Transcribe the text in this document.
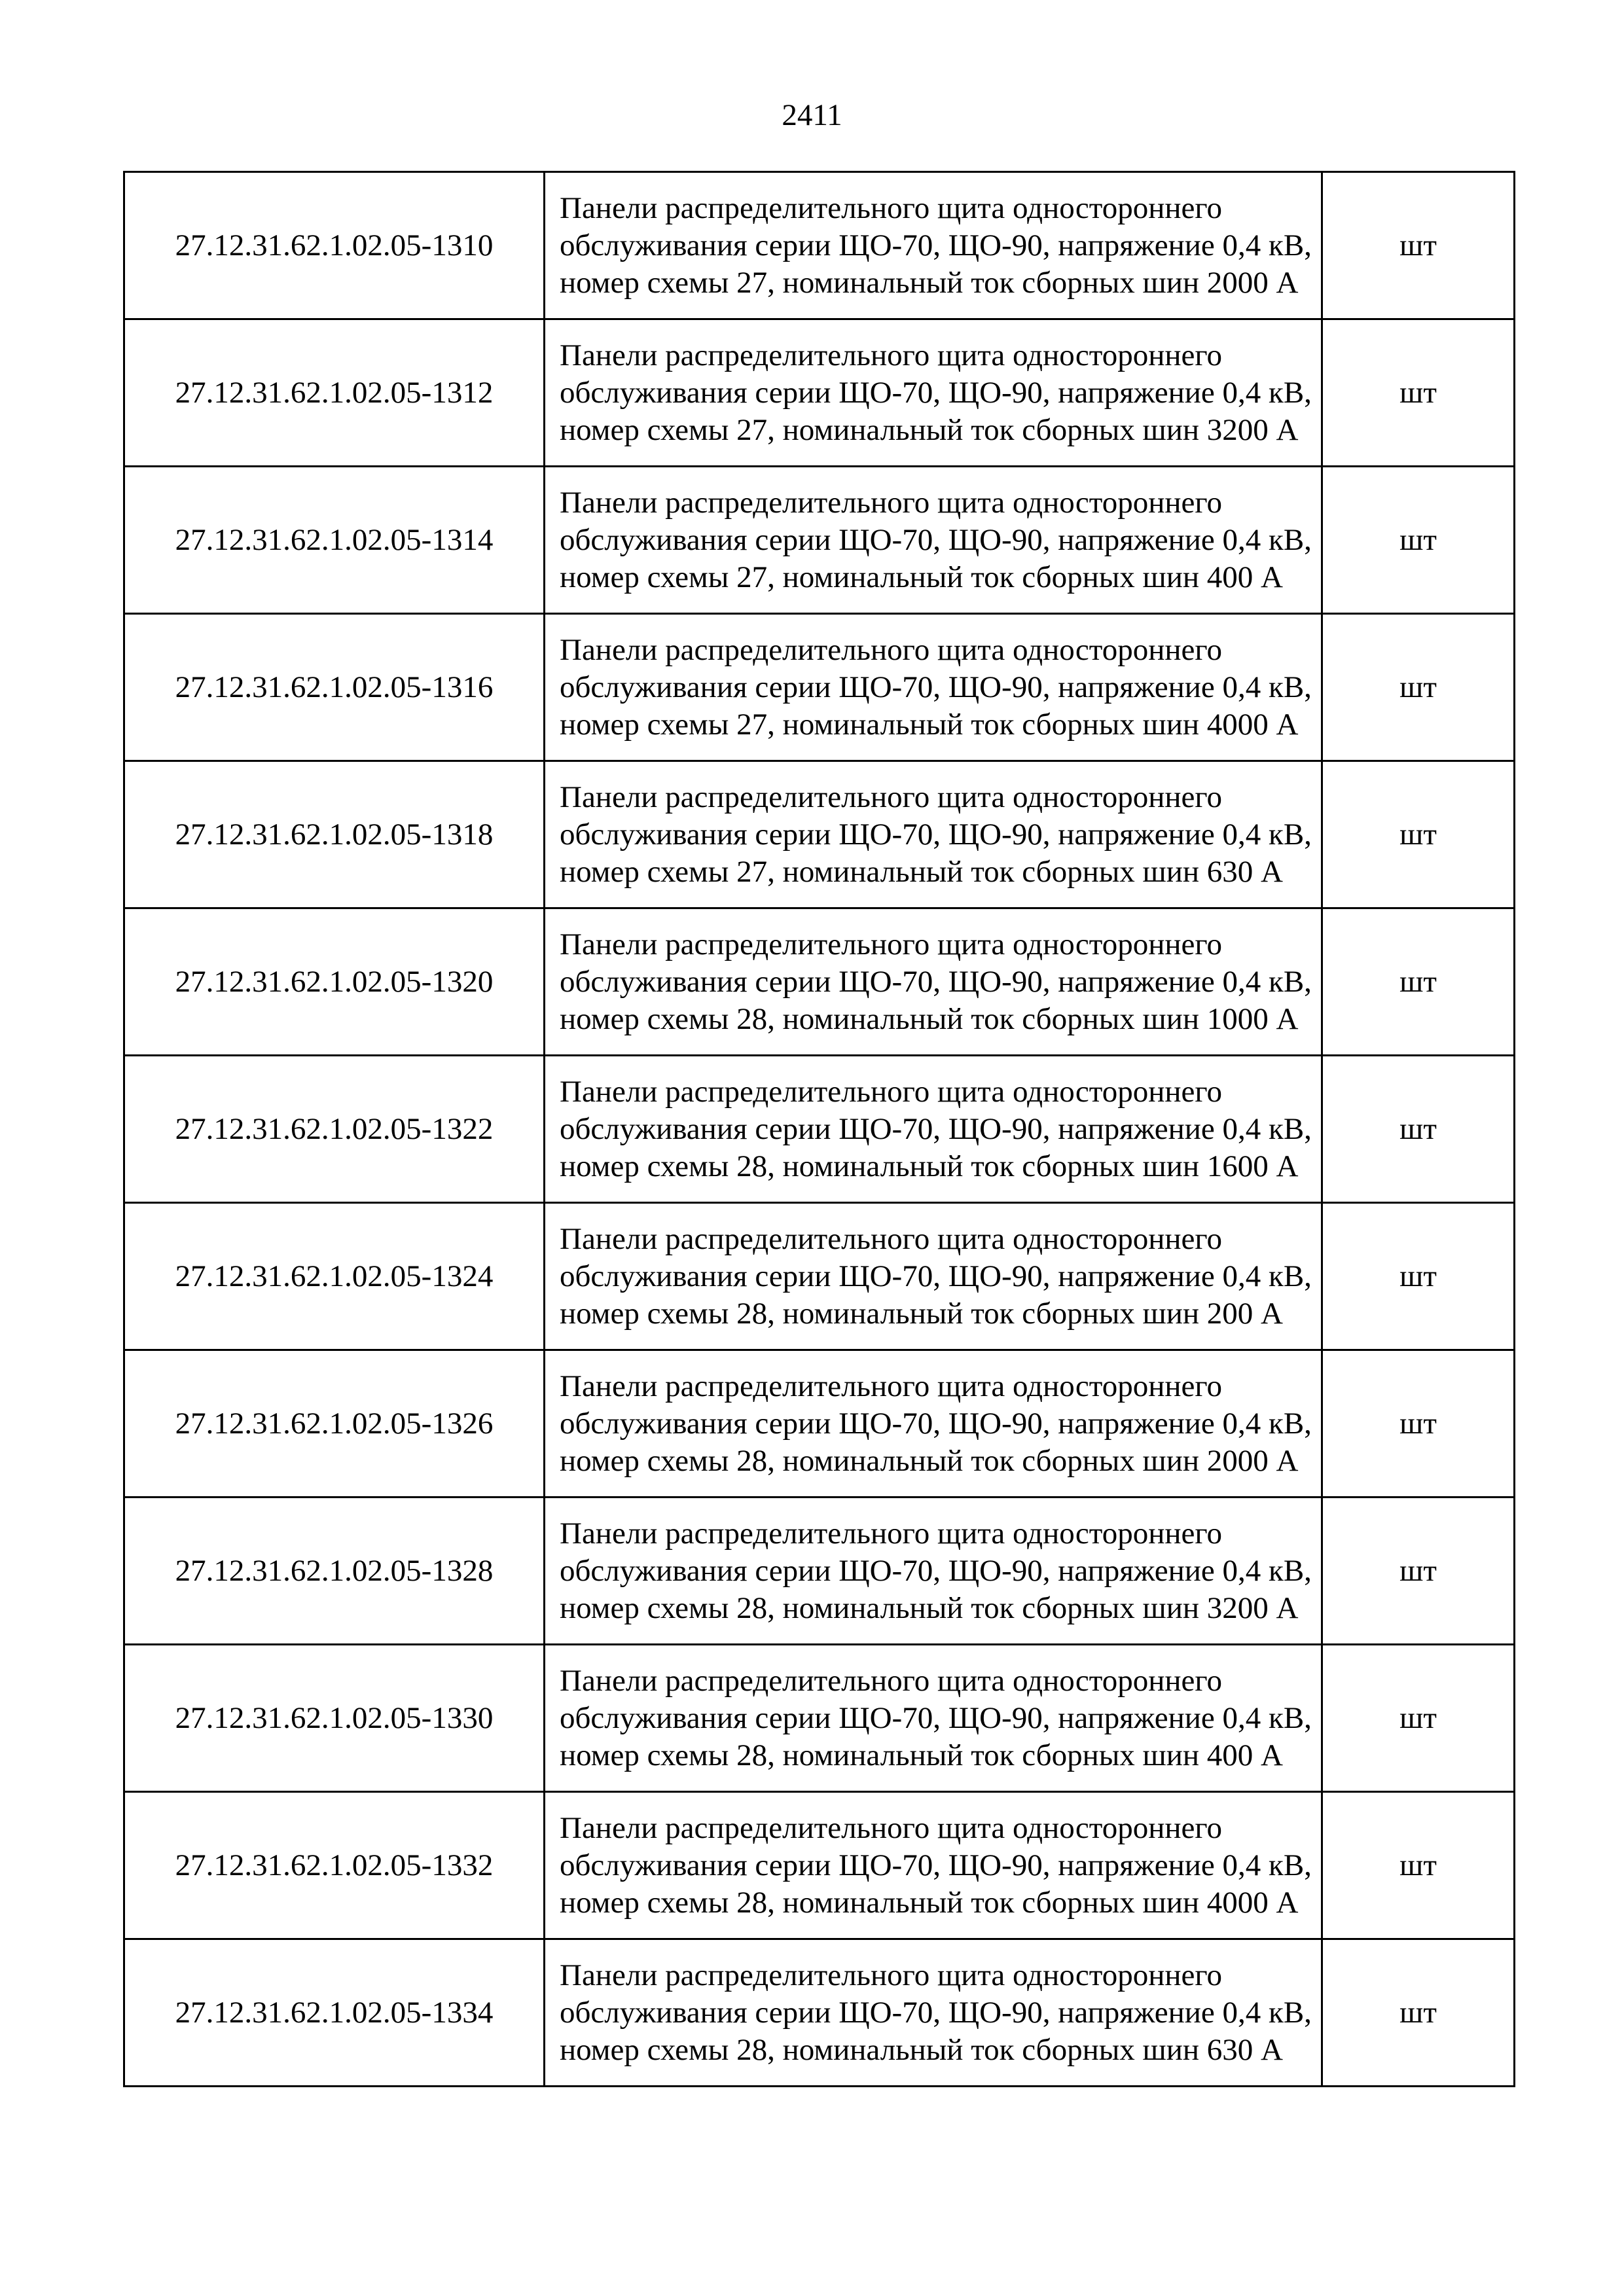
2411
27.12.31.62.1.02.05-1310	Панели распределительного щита одностороннего обслуживания серии ЩО-70, ЩО-90, напряжение 0,4 кВ, номер схемы 27, номинальный ток сборных шин 2000 А	шт
27.12.31.62.1.02.05-1312	Панели распределительного щита одностороннего обслуживания серии ЩО-70, ЩО-90, напряжение 0,4 кВ, номер схемы 27, номинальный ток сборных шин 3200 А	шт
27.12.31.62.1.02.05-1314	Панели распределительного щита одностороннего обслуживания серии ЩО-70, ЩО-90, напряжение 0,4 кВ, номер схемы 27, номинальный ток сборных шин 400 А	шт
27.12.31.62.1.02.05-1316	Панели распределительного щита одностороннего обслуживания серии ЩО-70, ЩО-90, напряжение 0,4 кВ, номер схемы 27, номинальный ток сборных шин 4000 А	шт
27.12.31.62.1.02.05-1318	Панели распределительного щита одностороннего обслуживания серии ЩО-70, ЩО-90, напряжение 0,4 кВ, номер схемы 27, номинальный ток сборных шин 630 А	шт
27.12.31.62.1.02.05-1320	Панели распределительного щита одностороннего обслуживания серии ЩО-70, ЩО-90, напряжение 0,4 кВ, номер схемы 28, номинальный ток сборных шин 1000 А	шт
27.12.31.62.1.02.05-1322	Панели распределительного щита одностороннего обслуживания серии ЩО-70, ЩО-90, напряжение 0,4 кВ, номер схемы 28, номинальный ток сборных шин 1600 А	шт
27.12.31.62.1.02.05-1324	Панели распределительного щита одностороннего обслуживания серии ЩО-70, ЩО-90, напряжение 0,4 кВ, номер схемы 28, номинальный ток сборных шин 200 А	шт
27.12.31.62.1.02.05-1326	Панели распределительного щита одностороннего обслуживания серии ЩО-70, ЩО-90, напряжение 0,4 кВ, номер схемы 28, номинальный ток сборных шин 2000 А	шт
27.12.31.62.1.02.05-1328	Панели распределительного щита одностороннего обслуживания серии ЩО-70, ЩО-90, напряжение 0,4 кВ, номер схемы 28, номинальный ток сборных шин 3200 А	шт
27.12.31.62.1.02.05-1330	Панели распределительного щита одностороннего обслуживания серии ЩО-70, ЩО-90, напряжение 0,4 кВ, номер схемы 28, номинальный ток сборных шин 400 А	шт
27.12.31.62.1.02.05-1332	Панели распределительного щита одностороннего обслуживания серии ЩО-70, ЩО-90, напряжение 0,4 кВ, номер схемы 28, номинальный ток сборных шин 4000 А	шт
27.12.31.62.1.02.05-1334	Панели распределительного щита одностороннего обслуживания серии ЩО-70, ЩО-90, напряжение 0,4 кВ, номер схемы 28, номинальный ток сборных шин 630 А	шт
